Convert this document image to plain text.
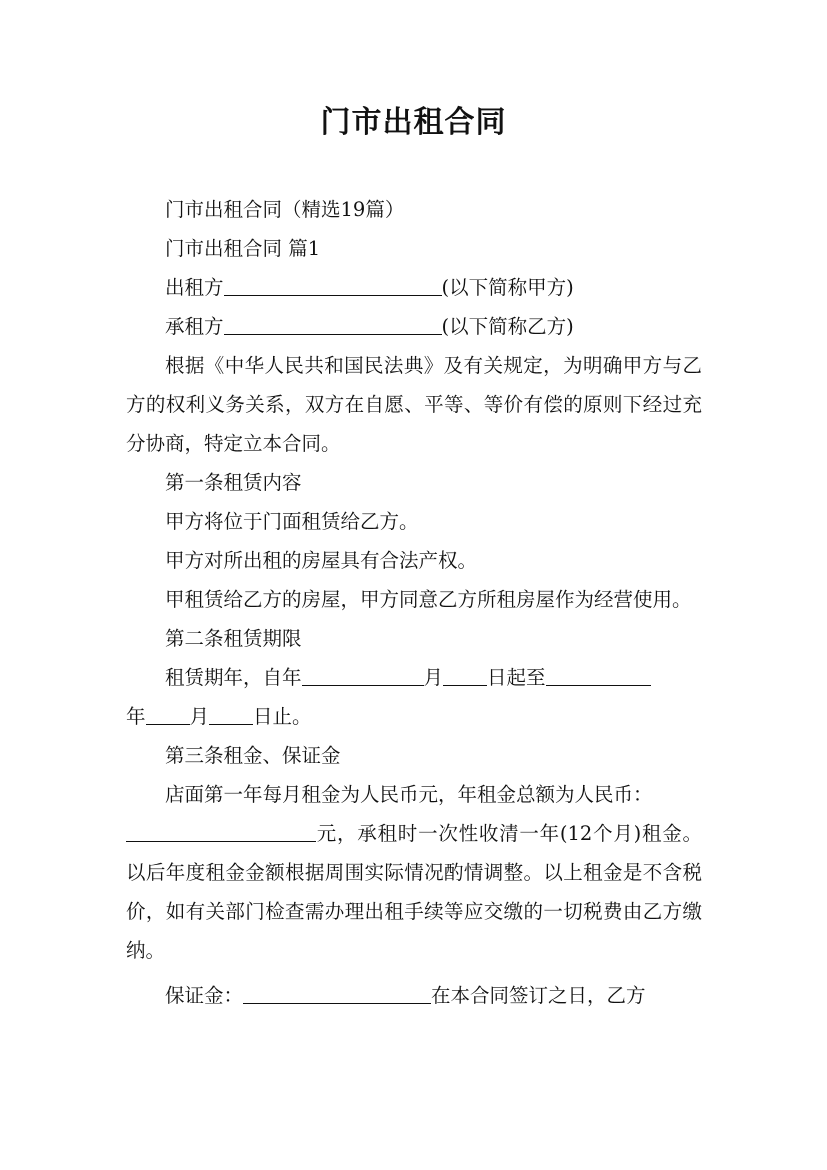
门市出租合同

门市出租合同（精选19篇）

门市出租合同 篇1

出租方	(以下简称甲方)

承租方	(以下简称乙方)

根据《中华人民共和国民法典》及有关规定，为明确甲方与乙方的权利义务关系，双方在自愿、平等、等价有偿的原则下经过充分协商，特定立本合同。

第一条租赁内容

甲方将位于门面租赁给乙方。

甲方对所出租的房屋具有合法产权。

甲租赁给乙方的房屋，甲方同意乙方所租房屋作为经营使用。

第二条租赁期限

租赁期年，自年	月 日起至

年 月 日止。

第三条租金、保证金

店面第一年每月租金为人民币元，年租金总额为人民币：

元，承租时一次性收清一年(12个月)租金。以后年度租金金额根据周围实际情况酌情调整。以上租金是不含税价，如有关部门检查需办理出租手续等应交缴的一切税费由乙方缴纳。

保证金：	在本合同签订之日，乙方
